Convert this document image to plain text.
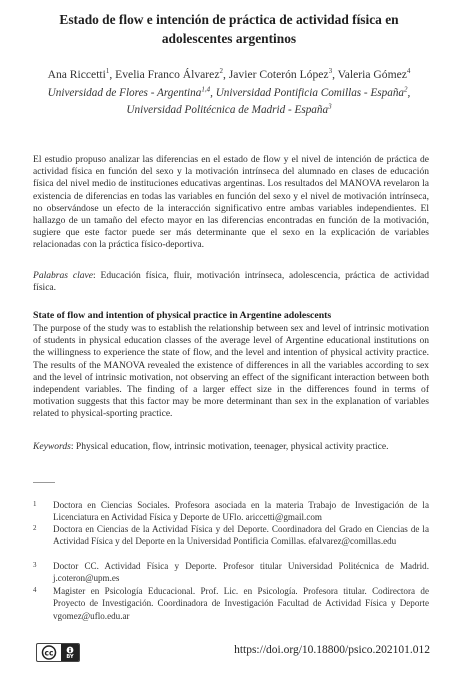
Estado de flow e intención de práctica de actividad física en adolescentes argentinos
Ana Riccetti$^1$, Evelia Franco Álvarez$^2$, Javier Coterón López$^3$, Valeria Gómez$^4$
Universidad de Flores - Argentina$^{1,4}$, Universidad Pontificia Comillas - España$^2$,
Universidad Politécnica de Madrid - España$^3$

El estudio propuso analizar las diferencias en el estado de flow y el nivel de intención de práctica de actividad física en función del sexo y la motivación intrínseca del alumnado en clases de educación física del nivel medio de instituciones educativas argentinas. Los resultados del MANOVA revelaron la existencia de diferencias en todas las variables en función del sexo y el nivel de motivación intrínseca, no observándose un efecto de la interacción significativo entre ambas variables independientes. El hallazgo de un tamaño del efecto mayor en las diferencias encontradas en función de la motivación, sugiere que este factor puede ser más determinante que el sexo en la explicación de variables relacionadas con la práctica físico-deportiva.

Palabras clave: Educación física, fluir, motivación intrínseca, adolescencia, práctica de actividad física.

State of flow and intention of physical practice in Argentine adolescents

The purpose of the study was to establish the relationship between sex and level of intrinsic motivation of students in physical education classes of the average level of Argentine educational institutions on the willingness to experience the state of flow, and the level and intention of physical activity practice. The results of the MANOVA revealed the existence of differences in all the variables according to sex and the level of intrinsic motivation, not observing an effect of the significant interaction between both independent variables. The finding of a larger effect size in the differences found in terms of motivation suggests that this factor may be more determinant than sex in the explanation of variables related to physical-sporting practice.

Keywords: Physical education, flow, intrinsic motivation, teenager, physical activity practice.

1 Doctora en Ciencias Sociales. Profesora asociada en la materia Trabajo de Investigación de la Licenciatura en Actividad Física y Deporte de UFlo. ariccetti@gmail.com
2 Doctora en Ciencias de la Actividad Física y del Deporte. Coordinadora del Grado en Ciencias de la Actividad Física y del Deporte en la Universidad Pontificia Comillas. efalvarez@comillas.edu
3 Doctor CC. Actividad Física y Deporte. Profesor titular Universidad Politécnica de Madrid. j.coteron@upm.es
4 Magister en Psicología Educacional. Prof. Lic. en Psicología. Profesora titular. Codirectora de Proyecto de Investigación. Coordinadora de Investigación Facultad de Actividad Física y Deporte vgomez@uflo.edu.ar
cc	BY
https://doi.org/10.18800/psico.202101.012
